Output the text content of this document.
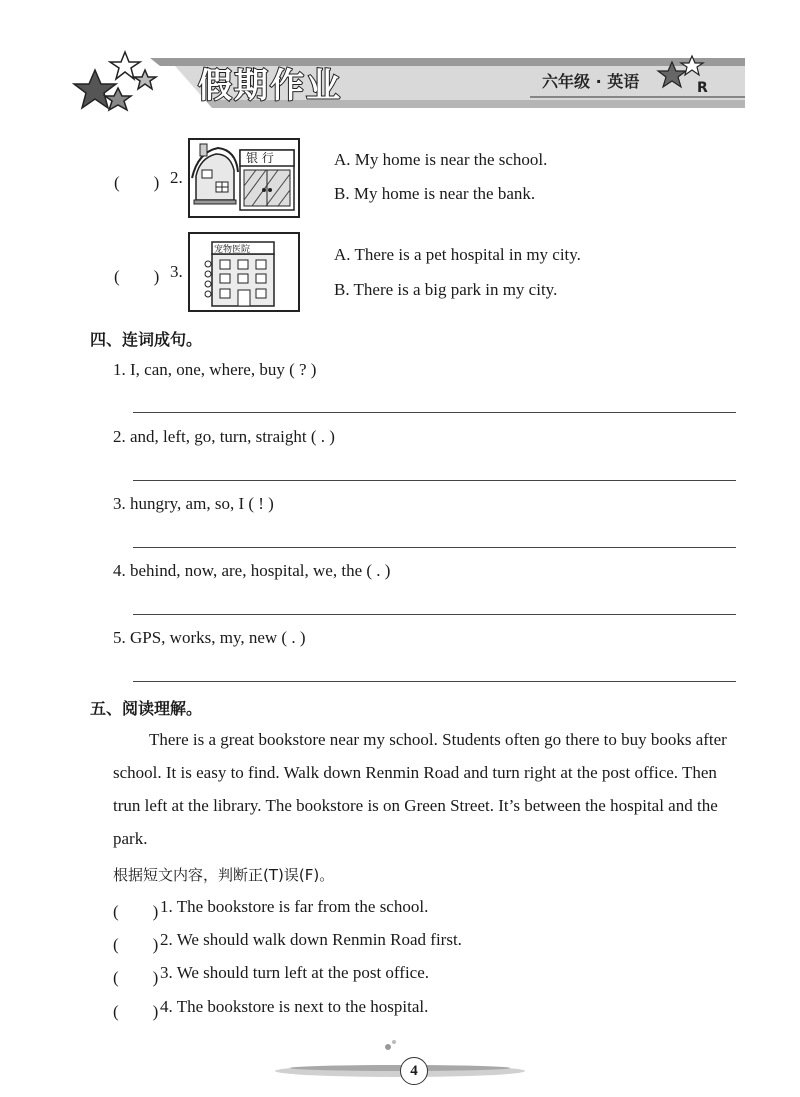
假期作业	六年级 · 英语	R
(　　) 2.
银 行	A. My home is near the school.
B. My home is near the bank.
(　　) 3.
宠物医院	A. There is a pet hospital in my city.
B. There is a big park in my city.
四、连词成句。
1. I, can, one, where, buy ( ? )
2. and, left, go, turn, straight ( . )
3. hungry, am, so, I ( ! )
4. behind, now, are, hospital, we, the ( . )
5. GPS, works, my, new ( . )
五、阅读理解。
There is a great bookstore near my school. Students often go there to buy books after school. It is easy to find. Walk down Renmin Road and turn right at the post office. Then trun left at the library. The bookstore is on Green Street. It’s between the hospital and the park.
根据短文内容，判断正(T)误(F)。
(　　) 1. The bookstore is far from the school.
(　　) 2. We should walk down Renmin Road first.
(　　) 3. We should turn left at the post office.
(　　) 4. The bookstore is next to the hospital.
4
